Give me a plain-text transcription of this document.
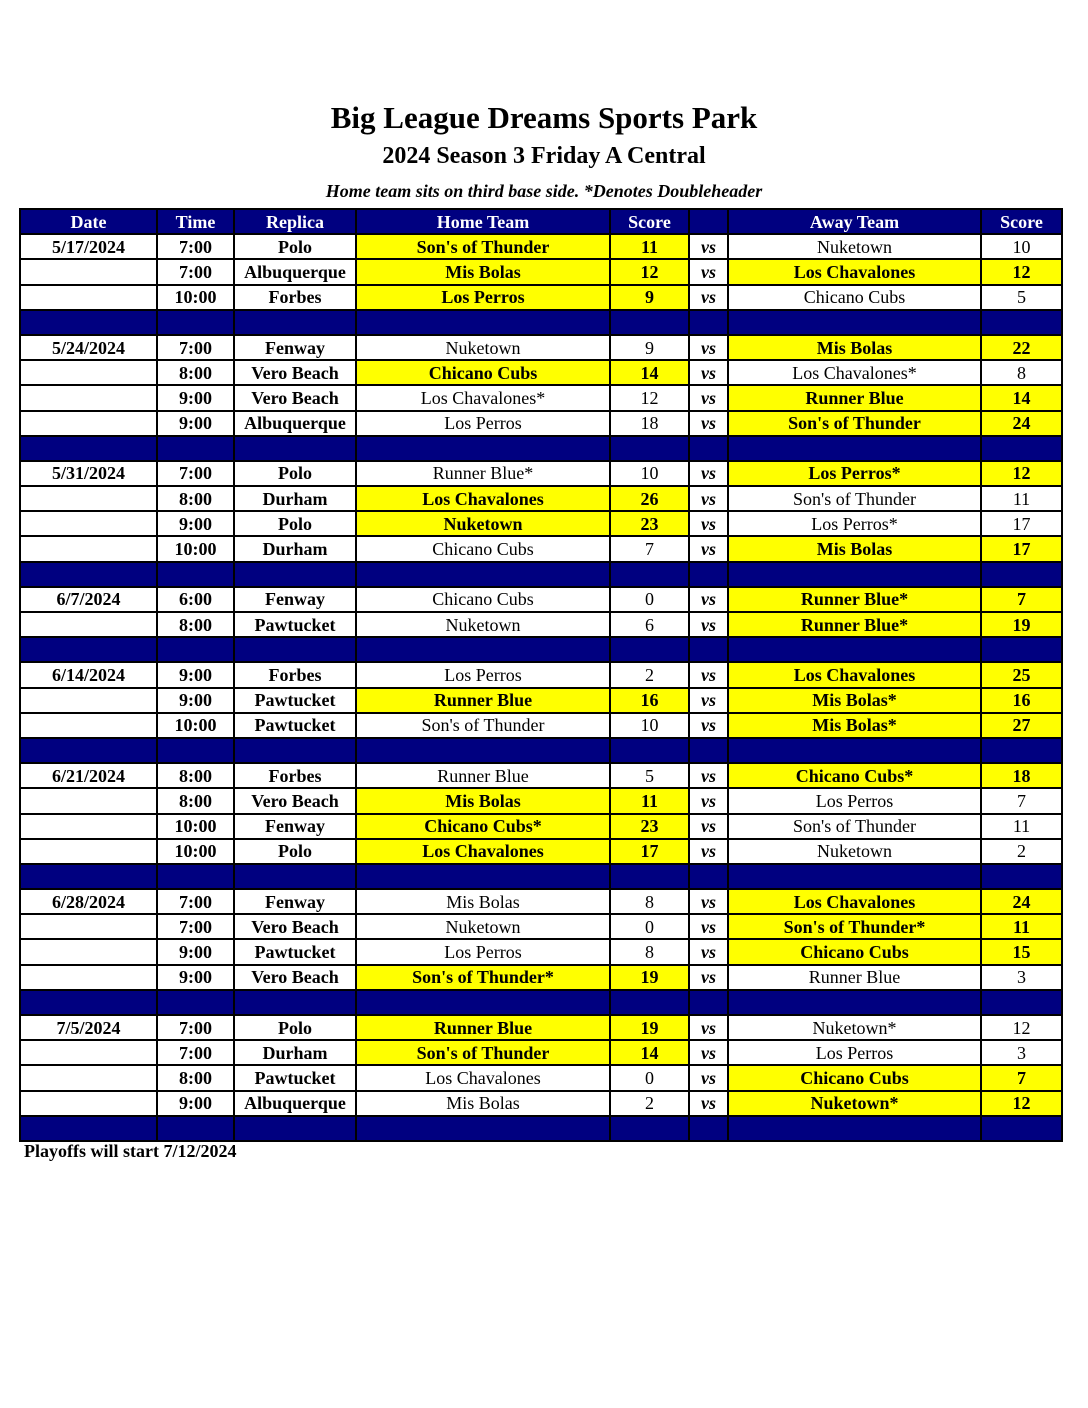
Big League Dreams Sports Park
2024 Season 3 Friday A Central
Home team sits on third base side. *Denotes Doubleheader
Date	Time	Replica	Home Team	Score		Away Team	Score
5/17/2024	7:00	Polo	Son's of Thunder	11	vs	Nuketown	10
	7:00	Albuquerque	Mis Bolas	12	vs	Los Chavalones	12
	10:00	Forbes	Los Perros	9	vs	Chicano Cubs	5

5/24/2024	7:00	Fenway	Nuketown	9	vs	Mis Bolas	22
	8:00	Vero Beach	Chicano Cubs	14	vs	Los Chavalones*	8
	9:00	Vero Beach	Los Chavalones*	12	vs	Runner Blue	14
	9:00	Albuquerque	Los Perros	18	vs	Son's of Thunder	24

5/31/2024	7:00	Polo	Runner Blue*	10	vs	Los Perros*	12
	8:00	Durham	Los Chavalones	26	vs	Son's of Thunder	11
	9:00	Polo	Nuketown	23	vs	Los Perros*	17
	10:00	Durham	Chicano Cubs	7	vs	Mis Bolas	17

6/7/2024	6:00	Fenway	Chicano Cubs	0	vs	Runner Blue*	7
	8:00	Pawtucket	Nuketown	6	vs	Runner Blue*	19

6/14/2024	9:00	Forbes	Los Perros	2	vs	Los Chavalones	25
	9:00	Pawtucket	Runner Blue	16	vs	Mis Bolas*	16
	10:00	Pawtucket	Son's of Thunder	10	vs	Mis Bolas*	27

6/21/2024	8:00	Forbes	Runner Blue	5	vs	Chicano Cubs*	18
	8:00	Vero Beach	Mis Bolas	11	vs	Los Perros	7
	10:00	Fenway	Chicano Cubs*	23	vs	Son's of Thunder	11
	10:00	Polo	Los Chavalones	17	vs	Nuketown	2

6/28/2024	7:00	Fenway	Mis Bolas	8	vs	Los Chavalones	24
	7:00	Vero Beach	Nuketown	0	vs	Son's of Thunder*	11
	9:00	Pawtucket	Los Perros	8	vs	Chicano Cubs	15
	9:00	Vero Beach	Son's of Thunder*	19	vs	Runner Blue	3

7/5/2024	7:00	Polo	Runner Blue	19	vs	Nuketown*	12
	7:00	Durham	Son's of Thunder	14	vs	Los Perros	3
	8:00	Pawtucket	Los Chavalones	0	vs	Chicano Cubs	7
	9:00	Albuquerque	Mis Bolas	2	vs	Nuketown*	12

Playoffs will start 7/12/2024
